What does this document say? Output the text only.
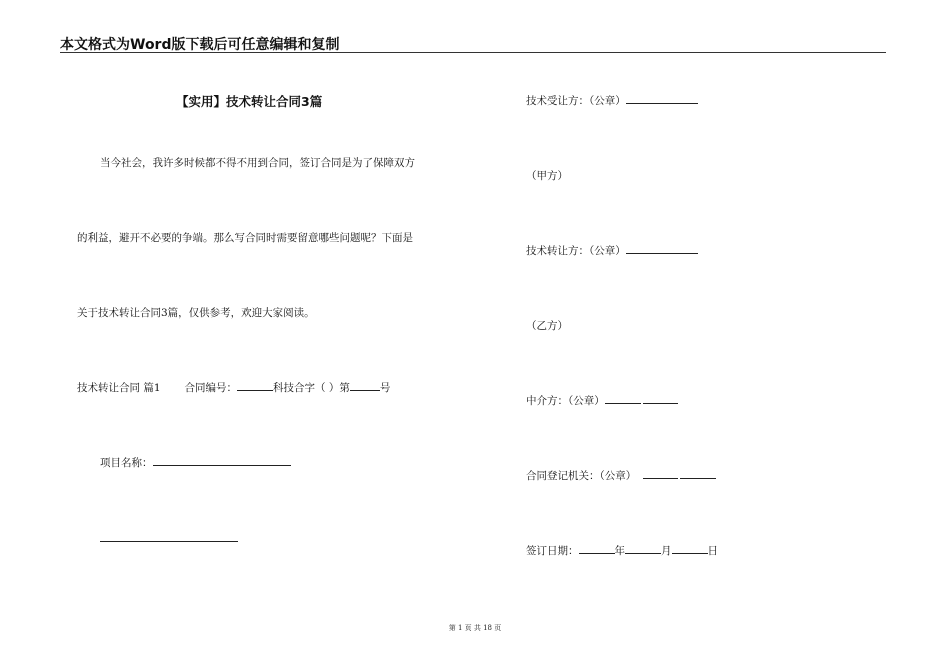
本文格式为Word版下载后可任意编辑和复制
【实用】技术转让合同3篇
当今社会，我许多时候都不得不用到合同，签订合同是为了保障双方
的利益，避开不必要的争端。那么写合同时需要留意哪些问题呢？下面是
关于技术转让合同3篇，仅供参考，欢迎大家阅读。
技术转让合同 篇1 合同编号：	科技合字（ ）第	号
项目名称：
技术受让方：（公章）
（甲方）
技术转让方：（公章）
（乙方）
中介方：（公章）
合同登记机关：（公章）
签订日期：	年	月	日
第 1 页 共 18 页
